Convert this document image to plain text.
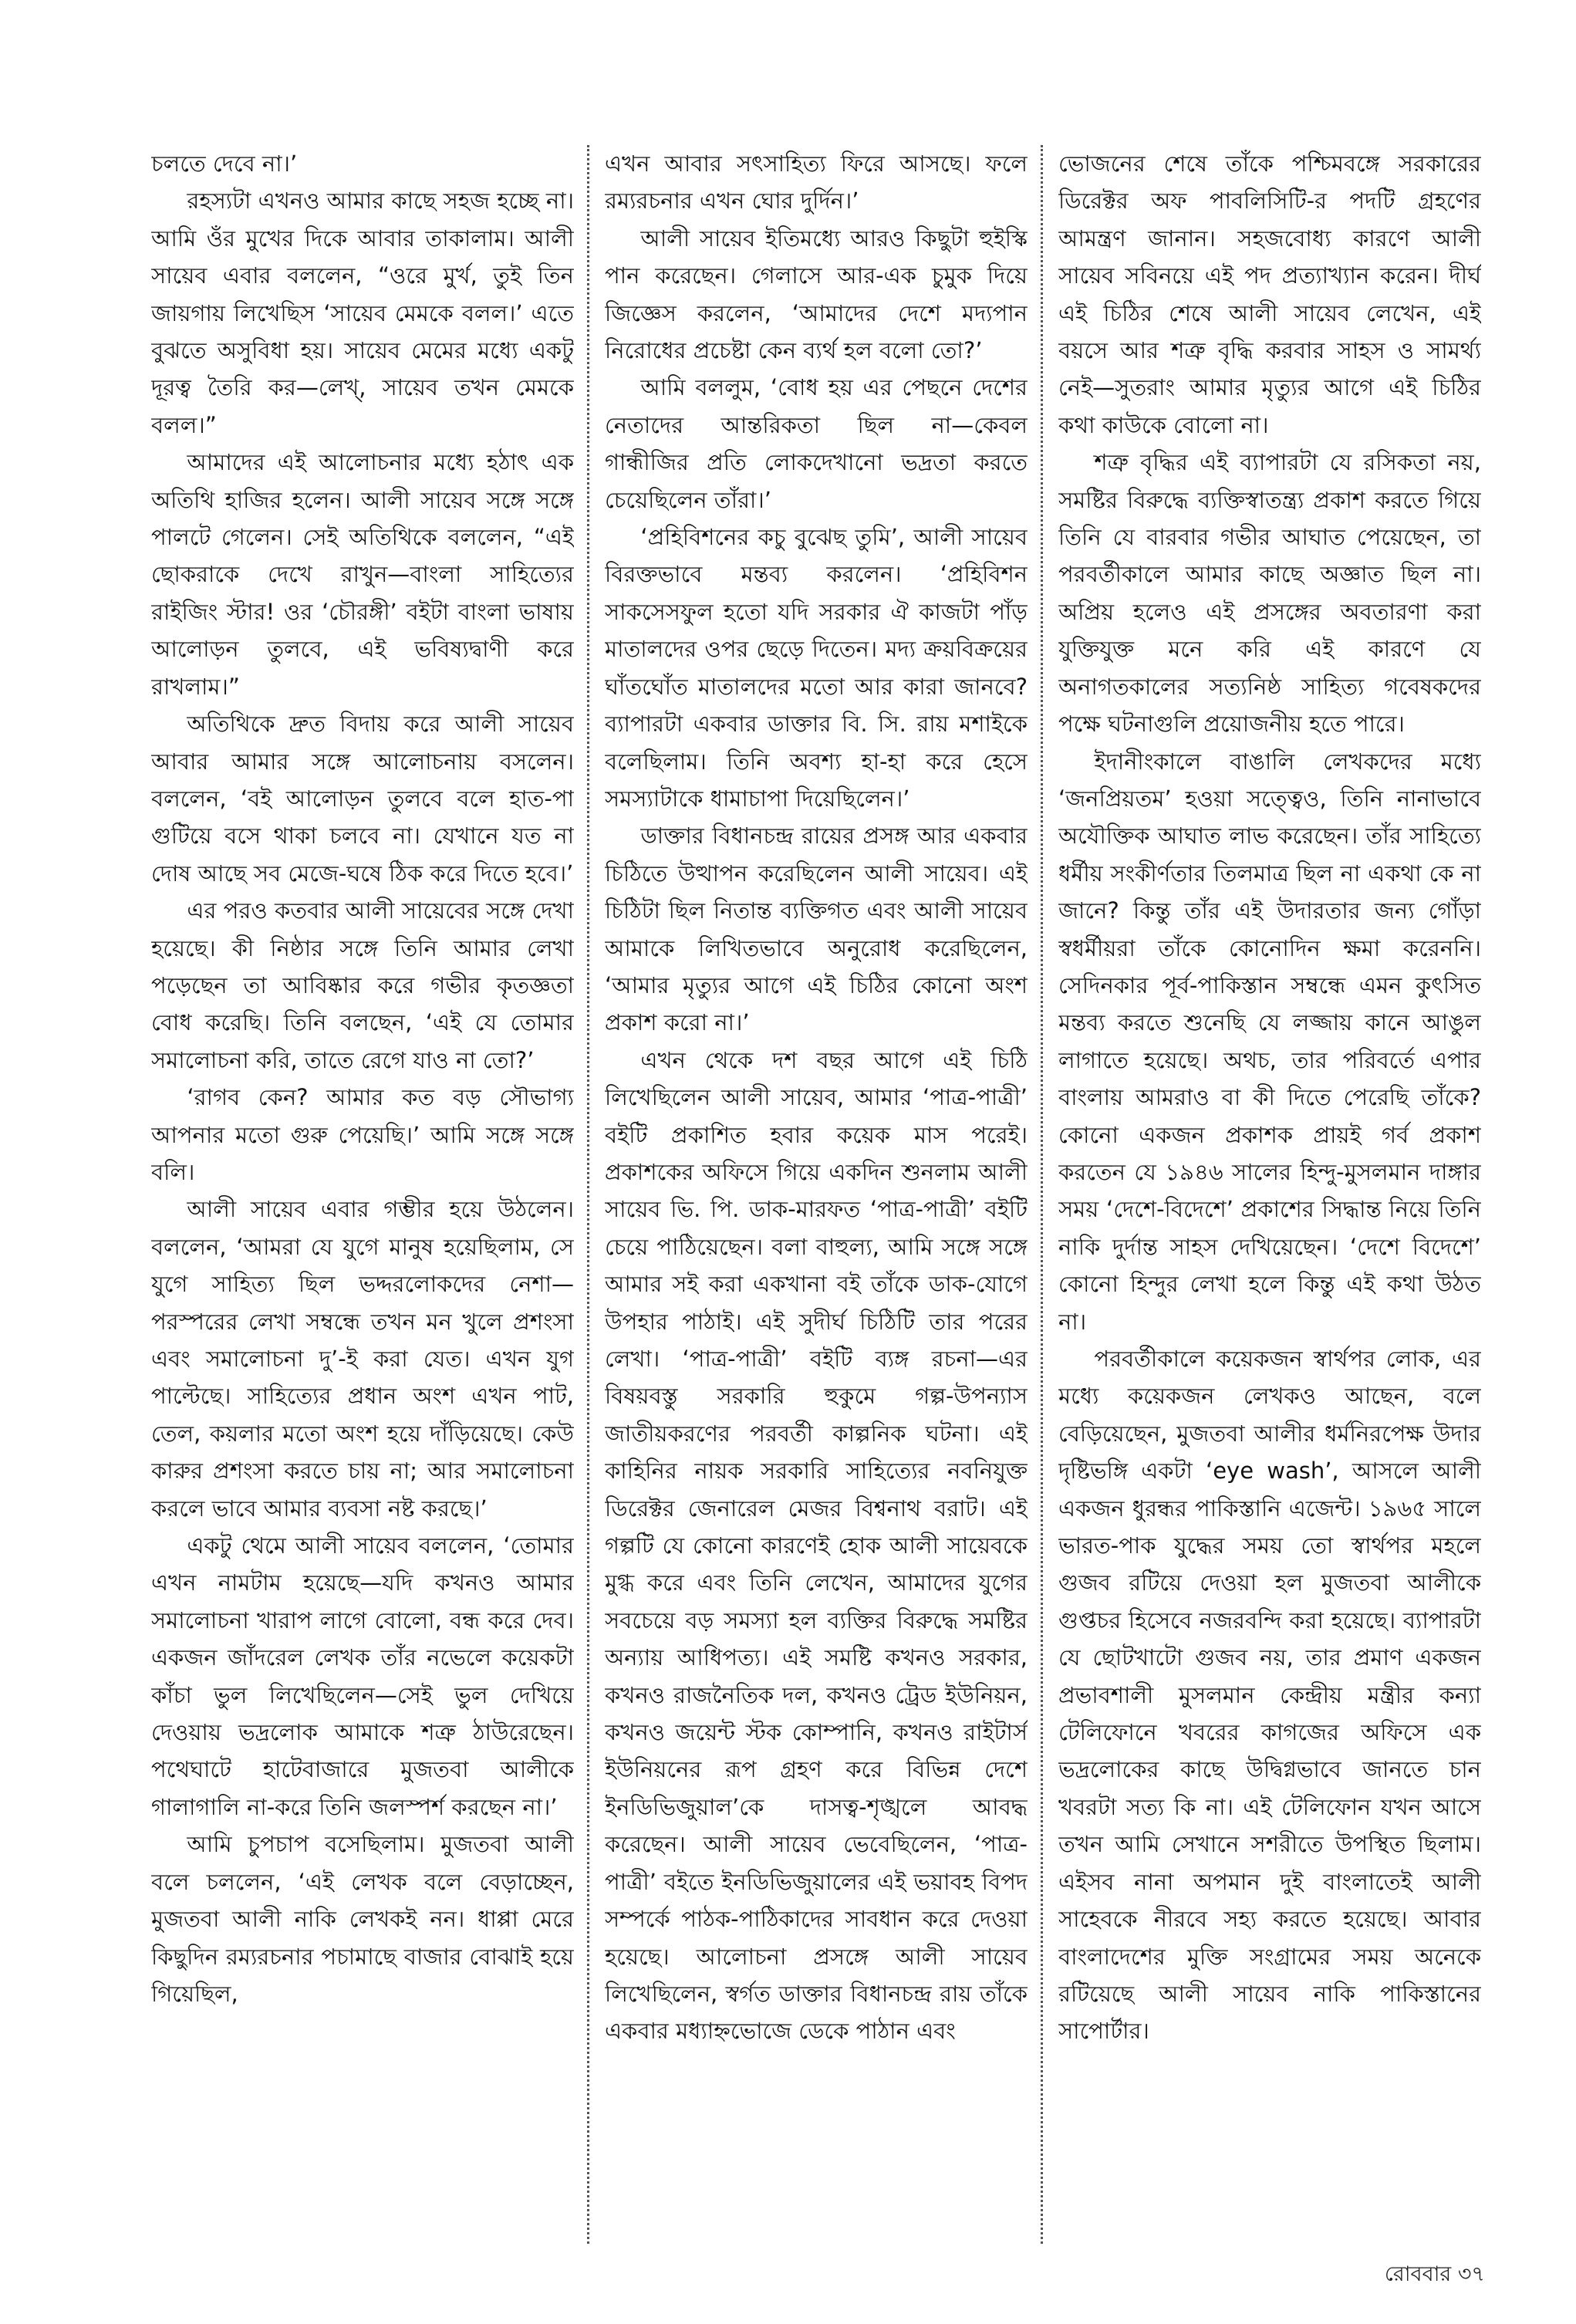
চলতে দেবে না।’

রহস্যটা এখনও আমার কাছে সহজ হচ্ছে না। আমি ওঁর মুখের দিকে আবার তাকালাম। আলী সায়েব এবার বললেন, “ওরে মুর্খ, তুই তিন জায়গায় লিখেছিস ‘সায়েব মেমকে বলল।’ এতে বুঝতে অসুবিধা হয়। সায়েব মেমের মধ্যে একটু দূরত্ব তৈরি কর—লেখ্, সায়েব তখন মেমকে বলল।”

আমাদের এই আলোচনার মধ্যে হঠাৎ এক অতিথি হাজির হলেন। আলী সায়েব সঙ্গে সঙ্গে পালটে গেলেন। সেই অতিথিকে বললেন, “এই ছোকরাকে দেখে রাখুন—বাংলা সাহিত্যের রাইজিং স্টার! ওর ‘চৌরঙ্গী’ বইটা বাংলা ভাষায় আলোড়ন তুলবে, এই ভবিষ্যদ্বাণী করে রাখলাম।”

অতিথিকে দ্রুত বিদায় করে আলী সায়েব আবার আমার সঙ্গে আলোচনায় বসলেন। বললেন, ‘বই আলোড়ন তুলবে বলে হাত-পা গুটিয়ে বসে থাকা চলবে না। যেখানে যত না দোষ আছে সব মেজে-ঘষে ঠিক করে দিতে হবে।’

এর পরও কতবার আলী সায়েবের সঙ্গে দেখা হয়েছে। কী নিষ্ঠার সঙ্গে তিনি আমার লেখা পড়েছেন তা আবিষ্কার করে গভীর কৃতজ্ঞতা বোধ করেছি। তিনি বলছেন, ‘এই যে তোমার সমালোচনা করি, তাতে রেগে যাও না তো?’

‘রাগব কেন? আমার কত বড় সৌভাগ্য আপনার মতো গুরু পেয়েছি।’ আমি সঙ্গে সঙ্গে বলি।

আলী সায়েব এবার গম্ভীর হয়ে উঠলেন। বললেন, ‘আমরা যে যুগে মানুষ হয়েছিলাম, সে যুগে সাহিত্য ছিল ভদ্দরলোকদের নেশা—পরস্পরের লেখা সম্বন্ধে তখন মন খুলে প্রশংসা এবং সমালোচনা দু’-ই করা যেত। এখন যুগ পাল্টেছে। সাহিত্যের প্রধান অংশ এখন পাট, তেল, কয়লার মতো অংশ হয়ে দাঁড়িয়েছে। কেউ কারুর প্রশংসা করতে চায় না; আর সমালোচনা করলে ভাবে আমার ব্যবসা নষ্ট করছে।’

একটু থেমে আলী সায়েব বললেন, ‘তোমার এখন নামটাম হয়েছে—যদি কখনও আমার সমালোচনা খারাপ লাগে বোলো, বন্ধ করে দেব। একজন জাঁদরেল লেখক তাঁর নভেলে কয়েকটা কাঁচা ভুল লিখেছিলেন—সেই ভুল দেখিয়ে দেওয়ায় ভদ্রলোক আমাকে শত্রু ঠাউরেছেন। পথেঘাটে হাটেবাজারে মুজতবা আলীকে গালাগালি না-করে তিনি জলস্পর্শ করছেন না।’

আমি চুপচাপ বসেছিলাম। মুজতবা আলী বলে চললেন, ‘এই লেখক বলে বেড়াচ্ছেন, মুজতবা আলী নাকি লেখকই নন। ধাপ্পা মেরে কিছুদিন রম্যরচনার পচামাছে বাজার বোঝাই হয়ে গিয়েছিল,

এখন আবার সৎসাহিত্য ফিরে আসছে। ফলে রম্যরচনার এখন ঘোর দুর্দিন।’

আলী সায়েব ইতিমধ্যে আরও কিছুটা হুইস্কি পান করেছেন। গেলাসে আর-এক চুমুক দিয়ে জিজ্ঞেস করলেন, ‘আমাদের দেশে মদ্যপান নিরোধের প্রচেষ্টা কেন ব্যর্থ হল বলো তো?’

আমি বললুম, ‘বোধ হয় এর পেছনে দেশের নেতাদের আন্তরিকতা ছিল না—কেবল গান্ধীজির প্রতি লোকদেখানো ভদ্রতা করতে চেয়েছিলেন তাঁরা।’

‘প্রহিবিশনের কচু বুঝেছ তুমি’, আলী সায়েব বিরক্তভাবে মন্তব্য করলেন। ‘প্রহিবিশন সাকসেসফুল হতো যদি সরকার ঐ কাজটা পাঁড় মাতালদের ওপর ছেড়ে দিতেন। মদ্য ক্রয়বিক্রয়ের ঘাঁতঘোঁত মাতালদের মতো আর কারা জানবে? ব্যাপারটা একবার ডাক্তার বি. সি. রায় মশাইকে বলেছিলাম। তিনি অবশ্য হা-হা করে হেসে সমস্যাটাকে ধামাচাপা দিয়েছিলেন।’

ডাক্তার বিধানচন্দ্র রায়ের প্রসঙ্গ আর একবার চিঠিতে উত্থাপন করেছিলেন আলী সায়েব। এই চিঠিটা ছিল নিতান্ত ব্যক্তিগত এবং আলী সায়েব আমাকে লিখিতভাবে অনুরোধ করেছিলেন, ‘আমার মৃত্যুর আগে এই চিঠির কোনো অংশ প্রকাশ করো না।’

এখন থেকে দশ বছর আগে এই চিঠি লিখেছিলেন আলী সায়েব, আমার ‘পাত্র-পাত্রী’ বইটি প্রকাশিত হবার কয়েক মাস পরেই। প্রকাশকের অফিসে গিয়ে একদিন শুনলাম আলী সায়েব ভি. পি. ডাক-মারফত ‘পাত্র-পাত্রী’ বইটি চেয়ে পাঠিয়েছেন। বলা বাহুল্য, আমি সঙ্গে সঙ্গে আমার সই করা একখানা বই তাঁকে ডাক-যোগে উপহার পাঠাই। এই সুদীর্ঘ চিঠিটি তার পরের লেখা। ‘পাত্র-পাত্রী’ বইটি ব্যঙ্গ রচনা—এর বিষয়বস্তু সরকারি হুকুমে গল্প-উপন্যাস জাতীয়করণের পরবর্তী কাল্পনিক ঘটনা। এই কাহিনির নায়ক সরকারি সাহিত্যের নবনিযুক্ত ডিরেক্টর জেনারেল মেজর বিশ্বনাথ বরাট। এই গল্পটি যে কোনো কারণেই হোক আলী সায়েবকে মুগ্ধ করে এবং তিনি লেখেন, আমাদের যুগের সবচেয়ে বড় সমস্যা হল ব্যক্তির বিরুদ্ধে সমষ্টির অন্যায় আধিপত্য। এই সমষ্টি কখনও সরকার, কখনও রাজনৈতিক দল, কখনও ট্রেড ইউনিয়ন, কখনও জয়েন্ট স্টক কোম্পানি, কখনও রাইটার্স ইউনিয়নের রূপ গ্রহণ করে বিভিন্ন দেশে ইনডিভিজুয়াল’কে দাসত্ব-শৃঙ্খলে আবদ্ধ করেছেন। আলী সায়েব ভেবেছিলেন, ‘পাত্র-পাত্রী’ বইতে ইনডিভিজুয়ালের এই ভয়াবহ বিপদ সম্পর্কে পাঠক-পাঠিকাদের সাবধান করে দেওয়া হয়েছে। আলোচনা প্রসঙ্গে আলী সায়েব লিখেছিলেন, স্বর্গত ডাক্তার বিধানচন্দ্র রায় তাঁকে একবার মধ্যাহ্নভোজে ডেকে পাঠান এবং

ভোজনের শেষে তাঁকে পশ্চিমবঙ্গে সরকারের ডিরেক্টর অফ পাবলিসিটি-র পদটি গ্রহণের আমন্ত্রণ জানান। সহজবোধ্য কারণে আলী সায়েব সবিনয়ে এই পদ প্রত্যাখ্যান করেন। দীর্ঘ এই চিঠির শেষে আলী সায়েব লেখেন, এই বয়সে আর শত্রু বৃদ্ধি করবার সাহস ও সামর্থ্য নেই—সুতরাং আমার মৃত্যুর আগে এই চিঠির কথা কাউকে বোলো না।

শত্রু বৃদ্ধির এই ব্যাপারটা যে রসিকতা নয়, সমষ্টির বিরুদ্ধে ব্যক্তিস্বাতন্ত্র্য প্রকাশ করতে গিয়ে তিনি যে বারবার গভীর আঘাত পেয়েছেন, তা পরবর্তীকালে আমার কাছে অজ্ঞাত ছিল না। অপ্রিয় হলেও এই প্রসঙ্গের অবতারণা করা যুক্তিযুক্ত মনে করি এই কারণে যে অনাগতকালের সত্যনিষ্ঠ সাহিত্য গবেষকদের পক্ষে ঘটনাগুলি প্রয়োজনীয় হতে পারে।

ইদানীংকালে বাঙালি লেখকদের মধ্যে ‘জনপ্রিয়তম’ হওয়া সত্ত্বেও, তিনি নানাভাবে অযৌক্তিক আঘাত লাভ করেছেন। তাঁর সাহিত্যে ধর্মীয় সংকীর্ণতার তিলমাত্র ছিল না একথা কে না জানে? কিন্তু তাঁর এই উদারতার জন্য গোঁড়া স্বধর্মীয়রা তাঁকে কোনোদিন ক্ষমা করেননি। সেদিনকার পূর্ব-পাকিস্তান সম্বন্ধে এমন কুৎসিত মন্তব্য করতে শুনেছি যে লজ্জায় কানে আঙুল লাগাতে হয়েছে। অথচ, তার পরিবর্তে এপার বাংলায় আমরাও বা কী দিতে পেরেছি তাঁকে? কোনো একজন প্রকাশক প্রায়ই গর্ব প্রকাশ করতেন যে ১৯৪৬ সালের হিন্দু-মুসলমান দাঙ্গার সময় ‘দেশে-বিদেশে’ প্রকাশের সিদ্ধান্ত নিয়ে তিনি নাকি দুর্দান্ত সাহস দেখিয়েছেন। ‘দেশে বিদেশে’ কোনো হিন্দুর লেখা হলে কিন্তু এই কথা উঠত না।

পরবর্তীকালে কয়েকজন স্বার্থপর লোক, এর মধ্যে কয়েকজন লেখকও আছেন, বলে বেড়িয়েছেন, মুজতবা আলীর ধর্মনিরপেক্ষ উদার দৃষ্টিভঙ্গি একটা ‘eye wash’, আসলে আলী একজন ধুরন্ধর পাকিস্তানি এজেন্ট। ১৯৬৫ সালে ভারত-পাক যুদ্ধের সময় তো স্বার্থপর মহলে গুজব রটিয়ে দেওয়া হল মুজতবা আলীকে গুপ্তচর হিসেবে নজরবন্দি করা হয়েছে। ব্যাপারটা যে ছোটখাটো গুজব নয়, তার প্রমাণ একজন প্রভাবশালী মুসলমান কেন্দ্রীয় মন্ত্রীর কন্যা টেলিফোনে খবরের কাগজের অফিসে এক ভদ্রলোকের কাছে উদ্বিগ্নভাবে জানতে চান খবরটা সত্য কি না। এই টেলিফোন যখন আসে তখন আমি সেখানে সশরীতে উপস্থিত ছিলাম। এইসব নানা অপমান দুই বাংলাতেই আলী সাহেবকে নীরবে সহ্য করতে হয়েছে। আবার বাংলাদেশের মুক্তি সংগ্রামের সময় অনেকে রটিয়েছে আলী সায়েব নাকি পাকিস্তানের সাপোর্টার।

রোববার ৩৭
